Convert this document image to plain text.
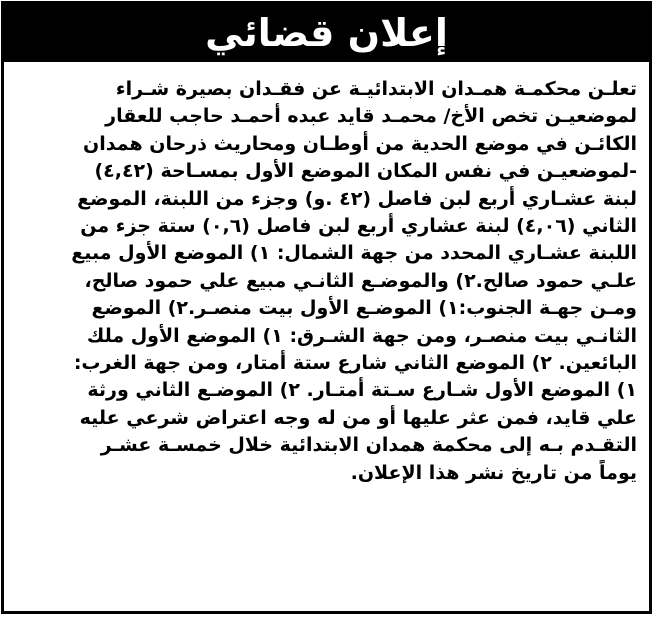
إعلان قضائي
تعلـن محكمـة همـدان الابتدائيـة عن فقـدان بصيرة شـراء
لموضعيـن تخص الأخ/ محمـد قايد عبده أحمـد حاجب للعقار
الكائـن في موضع الحدية من أوطـان ومحاريث ذرحان همدان
-لموضعيـن في نفس المكان الموضع الأول بمسـاحة (٤,٤٢)
لبنة عشـاري أربع لبن فاصل (٤٢ .و) وجزء من اللبنة، الموضع
الثاني (٤,٠٦) لبنة عشاري أربع لبن فاصل (٠,٦) ستة جزء من
اللبنة عشـاري المحدد من جهة الشمال: ١) الموضع الأول مبيع
علـي حمود صالح.٢) والموضـع الثانـي مبيع علي حمود صالح،
ومـن جهـة الجنوب:١) الموضـع الأول بيت منصـر.٢) الموضع
الثانـي بيت منصـر، ومن جهة الشـرق: ١) الموضع الأول ملك
البائعين. ٢) الموضع الثاني شارع ستة أمتار، ومن جهة الغرب:
١) الموضع الأول شـارع سـتة أمتـار. ٢) الموضـع الثاني ورثة
علي قايد، فمن عثر عليها أو من له وجه اعتراض شرعي عليه
التقـدم بـه إلى محكمة همدان الابتدائية خلال خمسـة عشـر
يوماً من تاريخ نشر هذا الإعلان.
